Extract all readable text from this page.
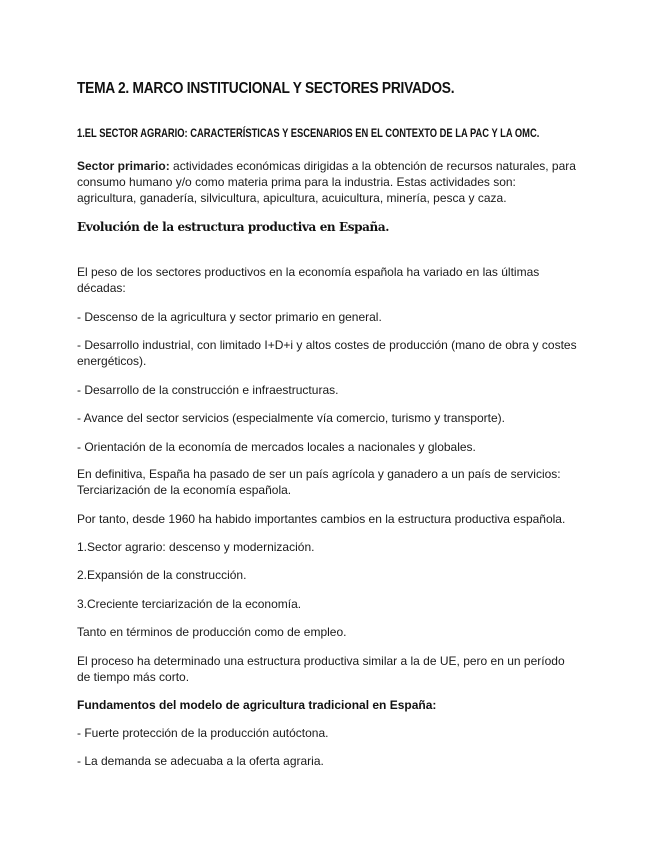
TEMA 2. MARCO INSTITUCIONAL Y SECTORES PRIVADOS.
1.EL SECTOR AGRARIO: CARACTERÍSTICAS Y ESCENARIOS EN EL CONTEXTO DE LA PAC Y LA OMC.

Sector primario: actividades económicas dirigidas a la obtención de recursos naturales, para consumo humano y/o como materia prima para la industria. Estas actividades son: agricultura, ganadería, silvicultura, apicultura, acuicultura, minería, pesca y caza.

Evolución de la estructura productiva en España.

El peso de los sectores productivos en la economía española ha variado en las últimas décadas:

- Descenso de la agricultura y sector primario en general.

- Desarrollo industrial, con limitado I+D+i y altos costes de producción (mano de obra y costes energéticos).

- Desarrollo de la construcción e infraestructuras.

- Avance del sector servicios (especialmente vía comercio, turismo y transporte).

- Orientación de la economía de mercados locales a nacionales y globales.

En definitiva, España ha pasado de ser un país agrícola y ganadero a un país de servicios: Terciarización de la economía española.

Por tanto, desde 1960 ha habido importantes cambios en la estructura productiva española.

1.Sector agrario: descenso y modernización.

2.Expansión de la construcción.

3.Creciente terciarización de la economía.

Tanto en términos de producción como de empleo.

El proceso ha determinado una estructura productiva similar a la de UE, pero en un período de tiempo más corto.

Fundamentos del modelo de agricultura tradicional en España:

- Fuerte protección de la producción autóctona.

- La demanda se adecuaba a la oferta agraria.
